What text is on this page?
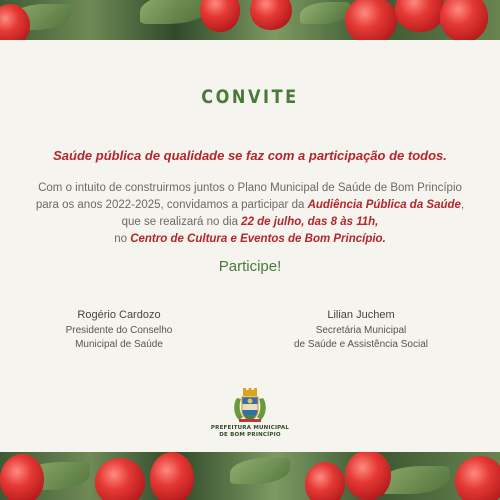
CONVITE
Saúde pública de qualidade se faz com a participação de todos.
Com o intuito de construirmos juntos o Plano Municipal de Saúde de Bom Princípio
para os anos 2022-2025, convidamos a participar da Audiência Pública da Saúde,
que se realizará no dia 22 de julho, das 8 às 11h,
no Centro de Cultura e Eventos de Bom Princípio.
Participe!
Rogério Cardozo
Presidente do Conselho
Municipal de Saúde
Lilian Juchem
Secretária Municipal
de Saúde e Assistência Social
PREFEITURA MUNICIPAL
DE BOM PRINCÍPIO
